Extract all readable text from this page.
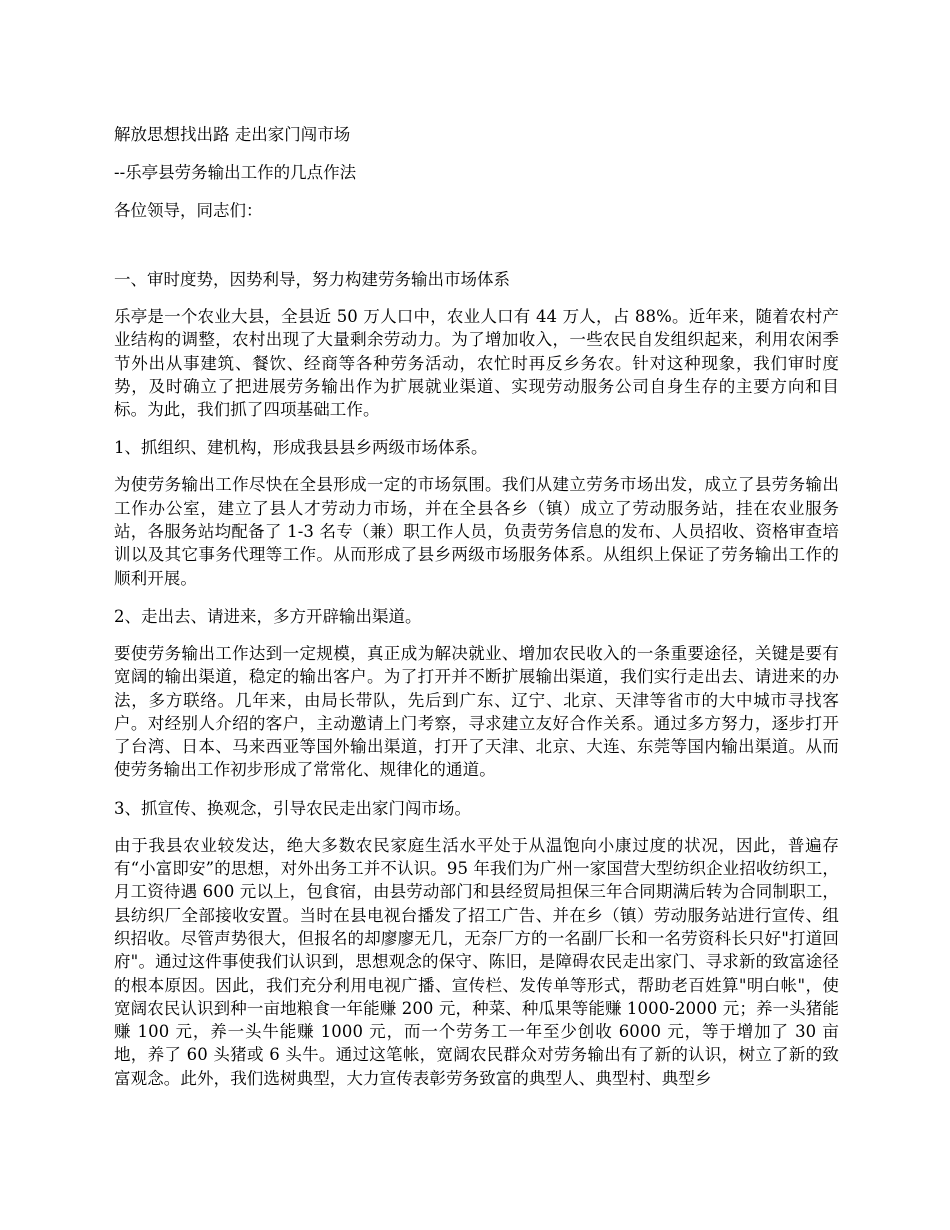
解放思想找出路 走出家门闯市场

--乐亭县劳务输出工作的几点作法

各位领导，同志们：

一、审时度势，因势利导，努力构建劳务输出市场体系

乐亭是一个农业大县，全县近 50 万人口中，农业人口有 44 万人，占 88%。近年来，随着农村产业结构的调整，农村出现了大量剩余劳动力。为了增加收入，一些农民自发组织起来，利用农闲季节外出从事建筑、餐饮、经商等各种劳务活动，农忙时再反乡务农。针对这种现象，我们审时度势，及时确立了把进展劳务输出作为扩展就业渠道、实现劳动服务公司自身生存的主要方向和目标。为此，我们抓了四项基础工作。

1、抓组织、建机构，形成我县县乡两级市场体系。

为使劳务输出工作尽快在全县形成一定的市场氛围。我们从建立劳务市场出发，成立了县劳务输出工作办公室，建立了县人才劳动力市场，并在全县各乡（镇）成立了劳动服务站，挂在农业服务站，各服务站均配备了 1-3 名专（兼）职工作人员，负责劳务信息的发布、人员招收、资格审查培训以及其它事务代理等工作。从而形成了县乡两级市场服务体系。从组织上保证了劳务输出工作的顺利开展。

2、走出去、请进来，多方开辟输出渠道。

要使劳务输出工作达到一定规模，真正成为解决就业、增加农民收入的一条重要途径，关键是要有宽阔的输出渠道，稳定的输出客户。为了打开并不断扩展输出渠道，我们实行走出去、请进来的办法，多方联络。几年来，由局长带队，先后到广东、辽宁、北京、天津等省市的大中城市寻找客户。对经别人介绍的客户，主动邀请上门考察，寻求建立友好合作关系。通过多方努力，逐步打开了台湾、日本、马来西亚等国外输出渠道，打开了天津、北京、大连、东莞等国内输出渠道。从而使劳务输出工作初步形成了常常化、规律化的通道。

3、抓宣传、换观念，引导农民走出家门闯市场。

由于我县农业较发达，绝大多数农民家庭生活水平处于从温饱向小康过度的状况，因此，普遍存有“小富即安”的思想，对外出务工并不认识。95 年我们为广州一家国营大型纺织企业招收纺织工，月工资待遇 600 元以上，包食宿，由县劳动部门和县经贸局担保三年合同期满后转为合同制职工，县纺织厂全部接收安置。当时在县电视台播发了招工广告、并在乡（镇）劳动服务站进行宣传、组织招收。尽管声势很大，但报名的却廖廖无几，无奈厂方的一名副厂长和一名劳资科长只好"打道回府"。通过这件事使我们认识到，思想观念的保守、陈旧，是障碍农民走出家门、寻求新的致富途径的根本原因。因此，我们充分利用电视广播、宣传栏、发传单等形式，帮助老百姓算"明白帐"，使宽阔农民认识到种一亩地粮食一年能赚 200 元，种菜、种瓜果等能赚 1000-2000 元；养一头猪能赚 100 元，养一头牛能赚 1000 元，而一个劳务工一年至少创收 6000 元，等于增加了 30 亩地，养了 60 头猪或 6 头牛。通过这笔帐，宽阔农民群众对劳务输出有了新的认识，树立了新的致富观念。此外，我们选树典型，大力宣传表彰劳务致富的典型人、典型村、典型乡
